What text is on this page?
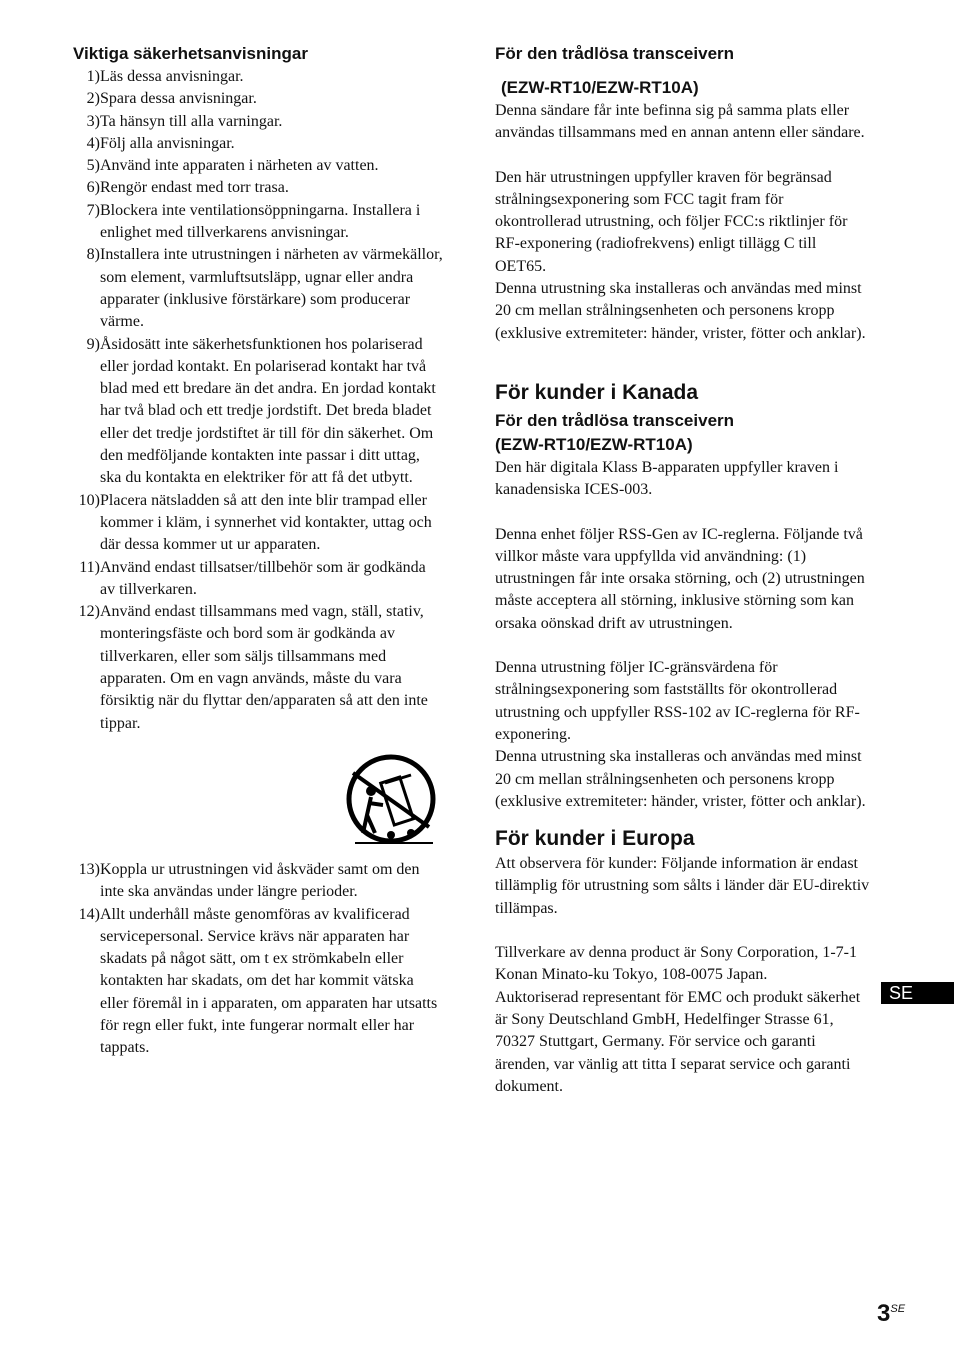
Viktiga säkerhetsanvisningar
1) Läs dessa anvisningar.
2) Spara dessa anvisningar.
3) Ta hänsyn till alla varningar.
4) Följ alla anvisningar.
5) Använd inte apparaten i närheten av vatten.
6) Rengör endast med torr trasa.
7) Blockera inte ventilationsöppningarna. Installera i enlighet med tillverkarens anvisningar.
8) Installera inte utrustningen i närheten av värmekällor, som element, varmluftsutsläpp, ugnar eller andra apparater (inklusive förstärkare) som producerar värme.
9) Åsidosätt inte säkerhetsfunktionen hos polariserad eller jordad kontakt. En polariserad kontakt har två blad med ett bredare än det andra. En jordad kontakt har två blad och ett tredje jordstift. Det breda bladet eller det tredje jordstiftet är till för din säkerhet. Om den medföljande kontakten inte passar i ditt uttag, ska du kontakta en elektriker för att få det utbytt.
10) Placera nätsladden så att den inte blir trampad eller kommer i kläm, i synnerhet vid kontakter, uttag och där dessa kommer ut ur apparaten.
11) Använd endast tillsatser/tillbehör som är godkända av tillverkaren.
12) Använd endast tillsammans med vagn, ställ, stativ, monteringsfäste och bord som är godkända av tillverkaren, eller som säljs tillsammans med apparaten. Om en vagn används, måste du vara försiktig när du flyttar den/apparaten så att den inte tippar.
13) Koppla ur utrustningen vid åskväder samt om den inte ska användas under längre perioder.
14) Allt underhåll måste genomföras av kvalificerad servicepersonal. Service krävs när apparaten har skadats på något sätt, om t ex strömkabeln eller kontakten har skadats, om det har kommit vätska eller föremål in i apparaten, om apparaten har utsatts för regn eller fukt, inte fungerar normalt eller har tappats.
För den trådlösa transceivern
(EZW-RT10/EZW-RT10A)

Denna sändare får inte befinna sig på samma plats eller användas tillsammans med en annan antenn eller sändare.

Den här utrustningen uppfyller kraven för begränsad strålningsexponering som FCC tagit fram för okontrollerad utrustning, och följer FCC:s riktlinjer för RF-exponering (radiofrekvens) enligt tillägg C till OET65.

Denna utrustning ska installeras och användas med minst 20 cm mellan strålningsenheten och personens kropp (exklusive extremiteter: händer, vrister, fötter och anklar).

För kunder i Kanada
För den trådlösa transceivern
(EZW-RT10/EZW-RT10A)

Den här digitala Klass B-apparaten uppfyller kraven i kanadensiska ICES-003.

Denna enhet följer RSS-Gen av IC-reglerna. Följande två villkor måste vara uppfyllda vid användning: (1) utrustningen får inte orsaka störning, och (2) utrustningen måste acceptera all störning, inklusive störning som kan orsaka oönskad drift av utrustningen.

Denna utrustning följer IC-gränsvärdena för strålningsexponering som fastställts för okontrollerad utrustning och uppfyller RSS-102 av IC-reglerna för RF-exponering.

Denna utrustning ska installeras och användas med minst 20 cm mellan strålningsenheten och personens kropp (exklusive extremiteter: händer, vrister, fötter och anklar).

För kunder i Europa

Att observera för kunder: Följande information är endast tillämplig för utrustning som sålts i länder där EU-direktiv tillämpas.

Tillverkare av denna product är Sony Corporation, 1-7-1 Konan Minato-ku Tokyo, 108-0075 Japan.

Auktoriserad representant för EMC och produkt säkerhet är Sony Deutschland GmbH, Hedelfinger Strasse 61, 70327 Stuttgart, Germany. För service och garanti ärenden, var vänlig att titta I separat service och garanti dokument.

SE
$3^{SE}$
